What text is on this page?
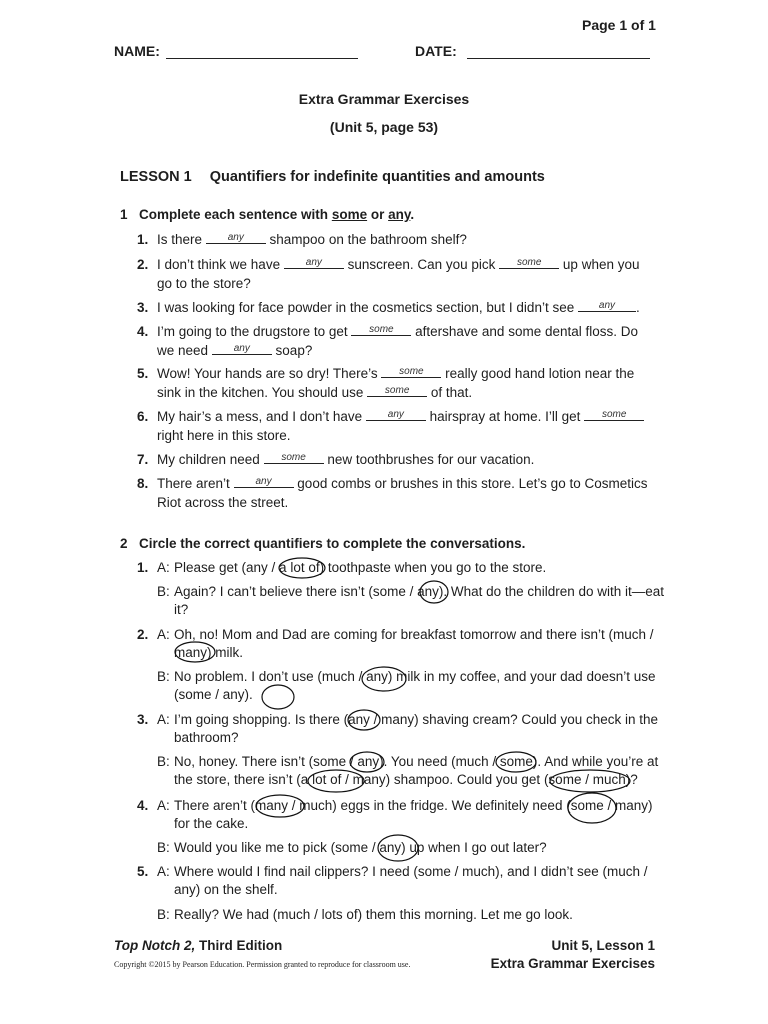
Page 1 of 1
NAME:	DATE:
Extra Grammar Exercises
(Unit 5, page 53)
LESSON 1 Quantifiers for indefinite quantities and amounts
1 Complete each sentence with some or any.
1. Is there	any	shampoo on the bathroom shelf?
2. I don’t think we have	any	sunscreen. Can you pick	some	up when you go to the store?
3. I was looking for face powder in the cosmetics section, but I didn’t see	any	.
4. I’m going to the drugstore to get	some	aftershave and some dental floss. Do we need	any	soap?
5. Wow! Your hands are so dry! There’s	some	really good hand lotion near the sink in the kitchen. You should use	some	of that.
6. My hair’s a mess, and I don’t have	any	hairspray at home. I’ll get	some
right here in this store.
7. My children need	some	new toothbrushes for our vacation.
8. There aren’t	any	good combs or brushes in this store. Let’s go to Cosmetics Riot across the street.
2 Circle the correct quantifiers to complete the conversations.
1. A: Please get (any / a lot of) toothpaste when you go to the store.
B: Again? I can’t believe there isn’t (some / any). What do the children do with it—eat it?
2. A: Oh, no! Mom and Dad are coming for breakfast tomorrow and there isn’t (much / many) milk.
B: No problem. I don’t use (much / any) milk in my coffee, and your dad doesn’t use (some / any).
3. A: I’m going shopping. Is there (any / many) shaving cream? Could you check in the bathroom?
B: No, honey. There isn’t (some / any). You need (much / some). And while you’re at the store, there isn’t (a lot of / many) shampoo. Could you get (some / much)?
4. A: There aren’t (many / much) eggs in the fridge. We definitely need (some / many) for the cake.
B: Would you like me to pick (some / any) up when I go out later?
5. A: Where would I find nail clippers? I need (some / much), and I didn’t see (much / any) on the shelf.
B: Really? We had (much / lots of) them this morning. Let me go look.
Top Notch 2, Third Edition
Copyright ©2015 by Pearson Education. Permission granted to reproduce for classroom use.
Unit 5, Lesson 1
Extra Grammar Exercises
